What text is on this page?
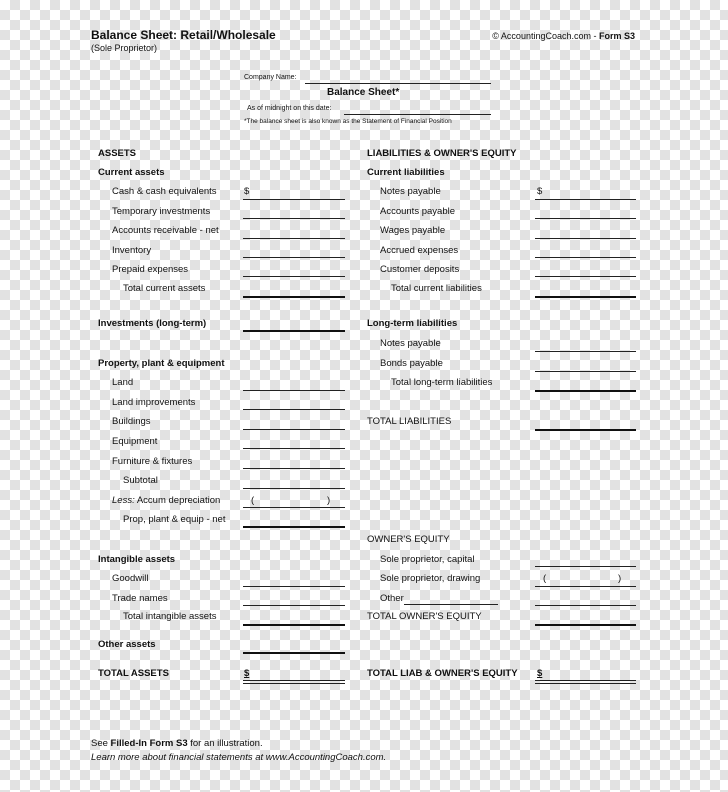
Balance Sheet: Retail/Wholesale
(Sole Proprietor)
© AccountingCoach.com - Form S3
Company Name:
Balance Sheet*
As of midnight on this date:
*The balance sheet is also known as the Statement of Financial Position
ASSETS
Current assets
Cash & cash equivalents	$
Temporary investments
Accounts receivable - net
Inventory
Prepaid expenses
Total current assets
Investments (long-term)
Property, plant & equipment
Land
Land improvements
Buildings
Equipment
Furniture & fixtures
Subtotal
Less: Accum depreciation	(	)
Prop, plant & equip - net
Intangible assets
Goodwill
Trade names
Total intangible assets
Other assets
TOTAL ASSETS	$
LIABILITIES & OWNER'S EQUITY
Current liabilities
Notes payable	$
Accounts payable
Wages payable
Accrued expenses
Customer deposits
Total current liabilities
Long-term liabilities
Notes payable
Bonds payable
Total long-term liabilities
TOTAL LIABILITIES
OWNER'S EQUITY
Sole proprietor, capital
Sole proprietor, drawing	(	)
Other
TOTAL OWNER'S EQUITY
TOTAL LIAB & OWNER'S EQUITY $
See Filled-In Form S3 for an illustration.
Learn more about financial statements at www.AccountingCoach.com.
